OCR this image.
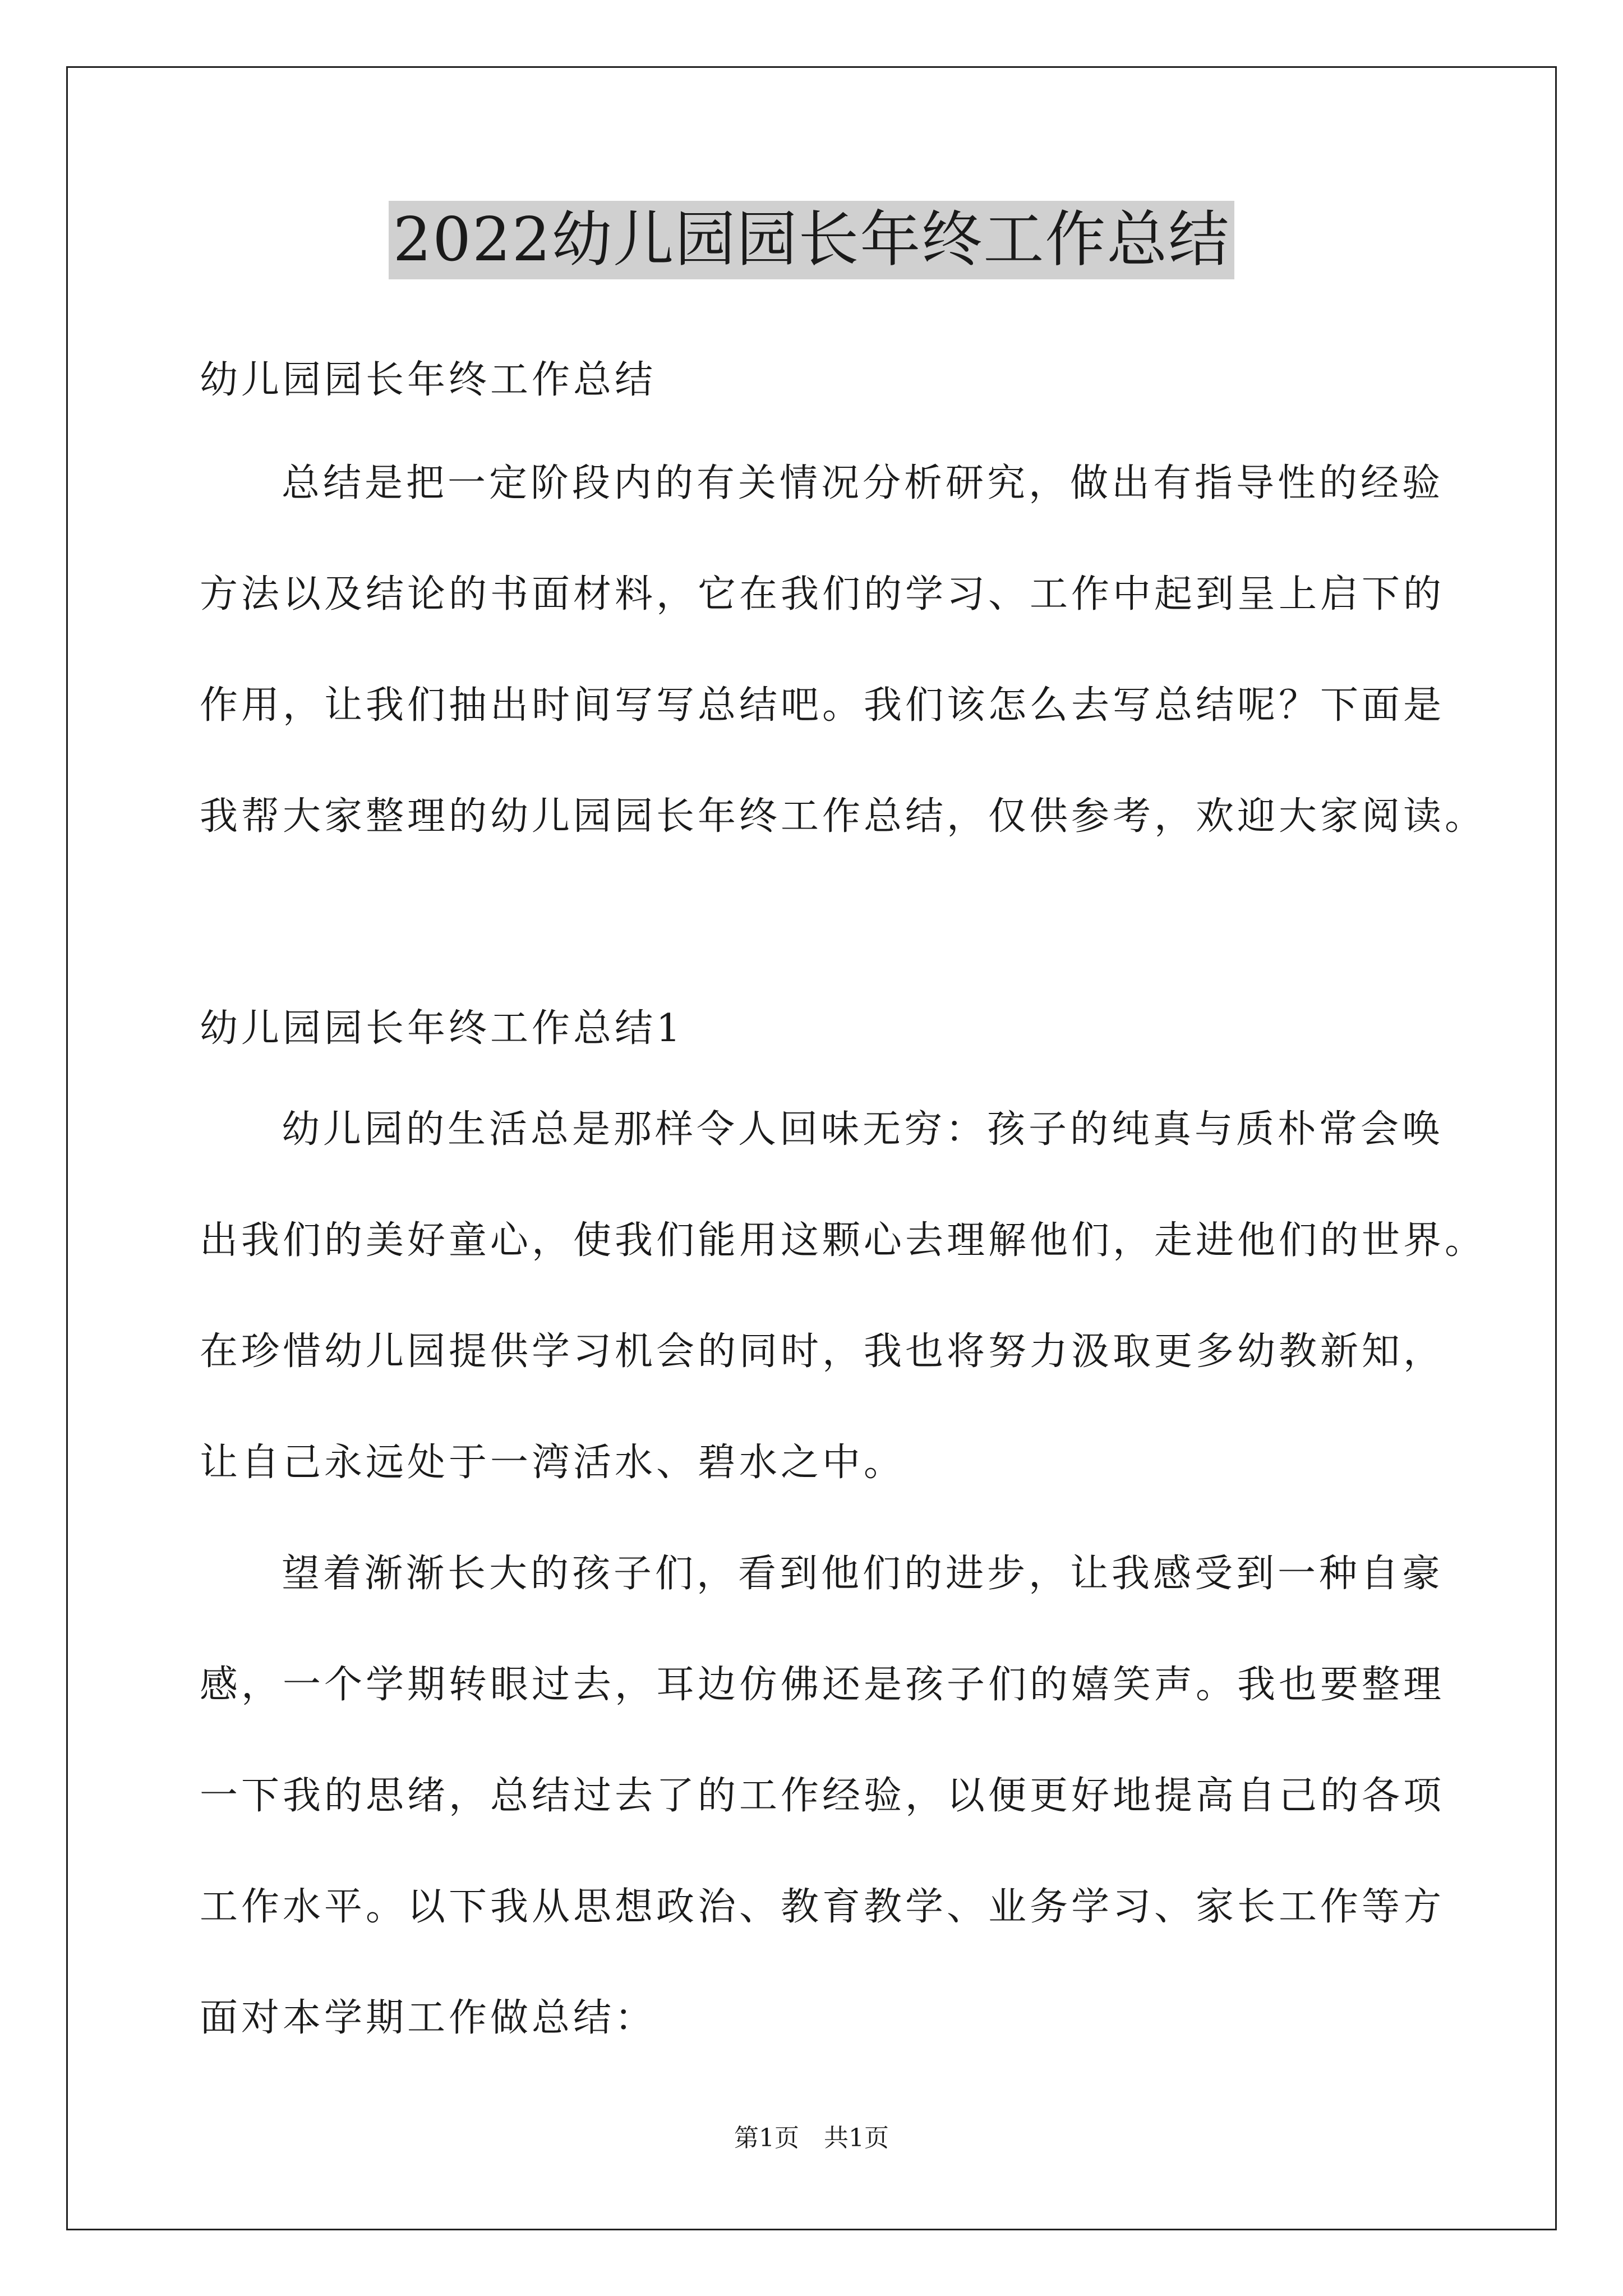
2022幼儿园园长年终工作总结
幼儿园园长年终工作总结
总结是把一定阶段内的有关情况分析研究，做出有指导性的经验
方法以及结论的书面材料，它在我们的学习、工作中起到呈上启下的
作用，让我们抽出时间写写总结吧。我们该怎么去写总结呢？下面是
我帮大家整理的幼儿园园长年终工作总结，仅供参考，欢迎大家阅读。
幼儿园园长年终工作总结1
幼儿园的生活总是那样令人回味无穷：孩子的纯真与质朴常会唤
出我们的美好童心，使我们能用这颗心去理解他们，走进他们的世界。
在珍惜幼儿园提供学习机会的同时，我也将努力汲取更多幼教新知，
让自己永远处于一湾活水、碧水之中。
望着渐渐长大的孩子们，看到他们的进步，让我感受到一种自豪
感，一个学期转眼过去，耳边仿佛还是孩子们的嬉笑声。我也要整理
一下我的思绪，总结过去了的工作经验，以便更好地提高自己的各项
工作水平。以下我从思想政治、教育教学、业务学习、家长工作等方
面对本学期工作做总结：
第1页　共1页
